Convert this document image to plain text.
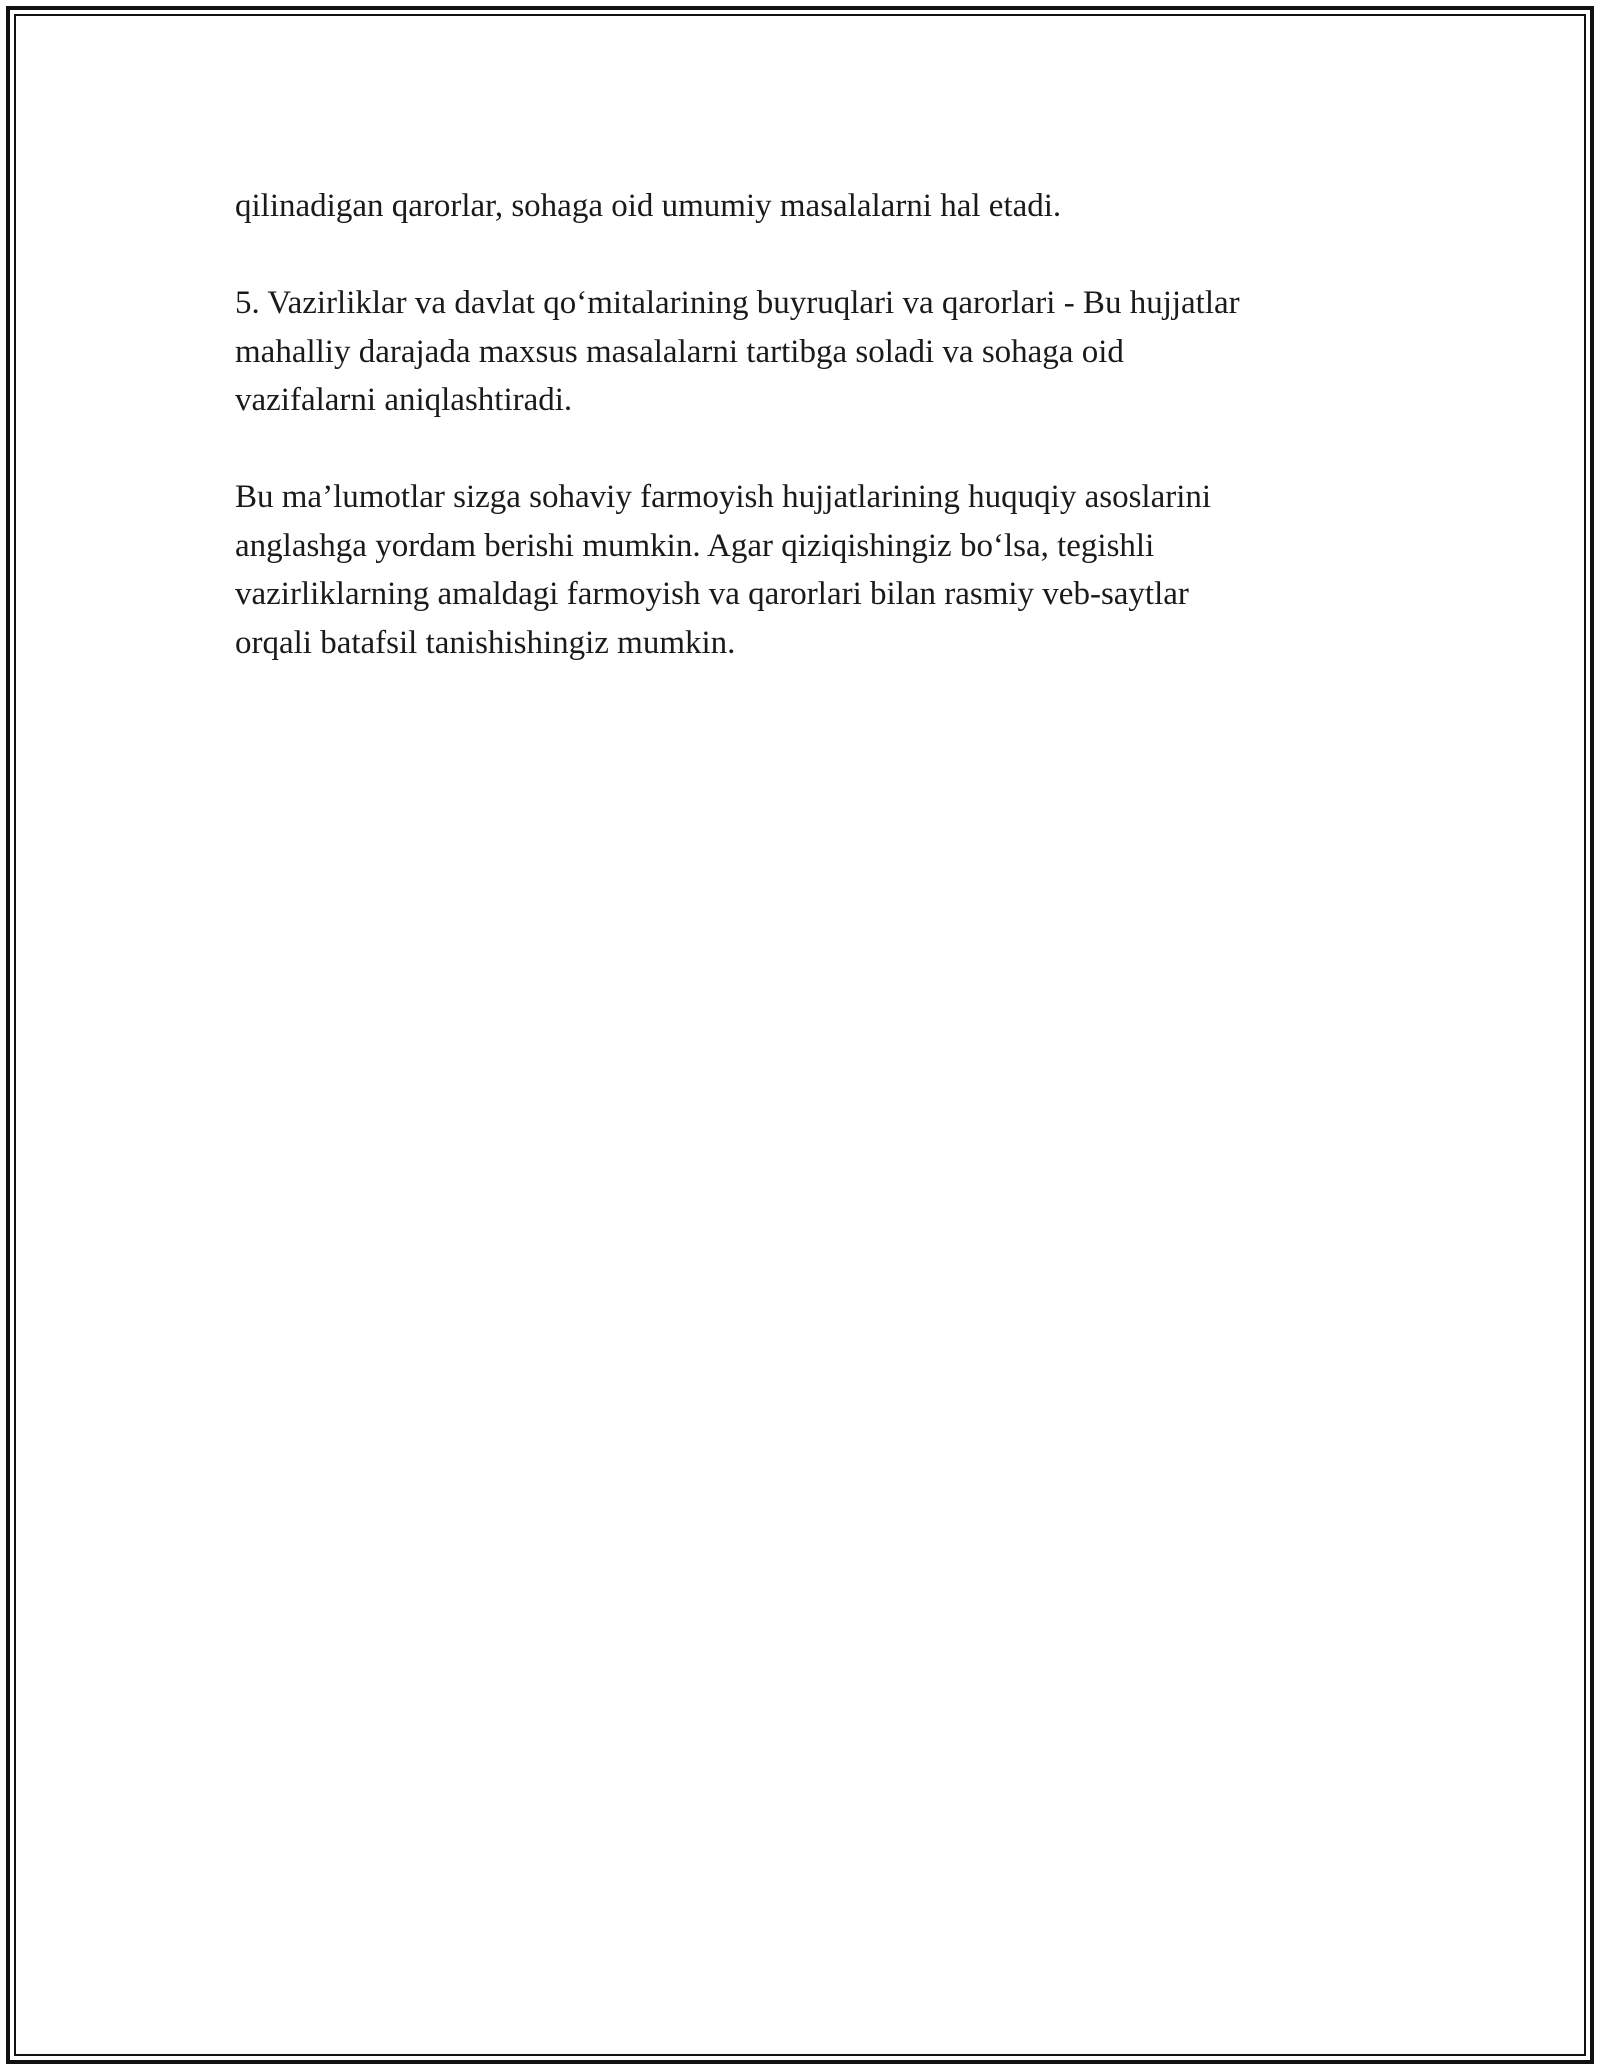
qilinadigan qarorlar, sohaga oid umumiy masalalarni hal etadi.

5. Vazirliklar va davlat qo‘mitalarining buyruqlari va qarorlari - Bu hujjatlar
mahalliy darajada maxsus masalalarni tartibga soladi va sohaga oid
vazifalarni aniqlashtiradi.

Bu ma’lumotlar sizga sohaviy farmoyish hujjatlarining huquqiy asoslarini
anglashga yordam berishi mumkin. Agar qiziqishingiz bo‘lsa, tegishli
vazirliklarning amaldagi farmoyish va qarorlari bilan rasmiy veb-saytlar
orqali batafsil tanishishingiz mumkin.
